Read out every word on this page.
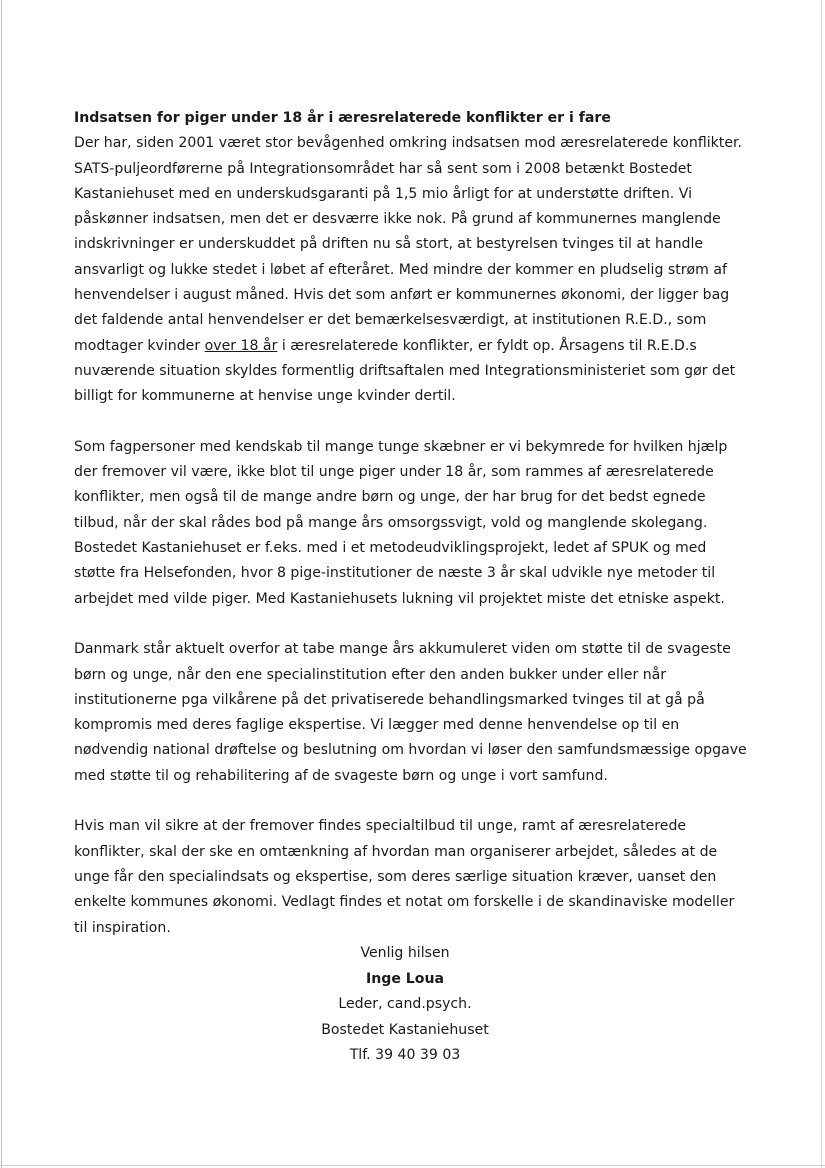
Indsatsen for piger under 18 år i æresrelaterede konflikter er i fare
Der har, siden 2001 været stor bevågenhed omkring indsatsen mod æresrelaterede konflikter.
SATS-puljeordførerne på Integrationsområdet har så sent som i 2008 betænkt Bostedet
Kastaniehuset med en underskudsgaranti på 1,5 mio årligt for at understøtte driften. Vi
påskønner indsatsen, men det er desværre ikke nok. På grund af kommunernes manglende
indskrivninger er underskuddet på driften nu så stort, at bestyrelsen tvinges til at handle
ansvarligt og lukke stedet i løbet af efteråret. Med mindre der kommer en pludselig strøm af
henvendelser i august måned. Hvis det som anført er kommunernes økonomi, der ligger bag
det faldende antal henvendelser er det bemærkelsesværdigt, at institutionen R.E.D., som
modtager kvinder over 18 år i æresrelaterede konflikter, er fyldt op. Årsagens til R.E.D.s
nuværende situation skyldes formentlig driftsaftalen med Integrationsministeriet som gør det
billigt for kommunerne at henvise unge kvinder dertil.
Som fagpersoner med kendskab til mange tunge skæbner er vi bekymrede for hvilken hjælp
der fremover vil være, ikke blot til unge piger under 18 år, som rammes af æresrelaterede
konflikter, men også til de mange andre børn og unge, der har brug for det bedst egnede
tilbud, når der skal rådes bod på mange års omsorgssvigt, vold og manglende skolegang.
Bostedet Kastaniehuset er f.eks. med i et metodeudviklingsprojekt, ledet af SPUK og med
støtte fra Helsefonden, hvor 8 pige-institutioner de næste 3 år skal udvikle nye metoder til
arbejdet med vilde piger. Med Kastaniehusets lukning vil projektet miste det etniske aspekt.
Danmark står aktuelt overfor at tabe mange års akkumuleret viden om støtte til de svageste
børn og unge, når den ene specialinstitution efter den anden bukker under eller når
institutionerne pga vilkårene på det privatiserede behandlingsmarked tvinges til at gå på
kompromis med deres faglige ekspertise. Vi lægger med denne henvendelse op til en
nødvendig national drøftelse og beslutning om hvordan vi løser den samfundsmæssige opgave
med støtte til og rehabilitering af de svageste børn og unge i vort samfund.
Hvis man vil sikre at der fremover findes specialtilbud til unge, ramt af æresrelaterede
konflikter, skal der ske en omtænkning af hvordan man organiserer arbejdet, således at de
unge får den specialindsats og ekspertise, som deres særlige situation kræver, uanset den
enkelte kommunes økonomi. Vedlagt findes et notat om forskelle i de skandinaviske modeller
til inspiration.
Venlig hilsen
Inge Loua
Leder, cand.psych.
Bostedet Kastaniehuset
Tlf. 39 40 39 03
